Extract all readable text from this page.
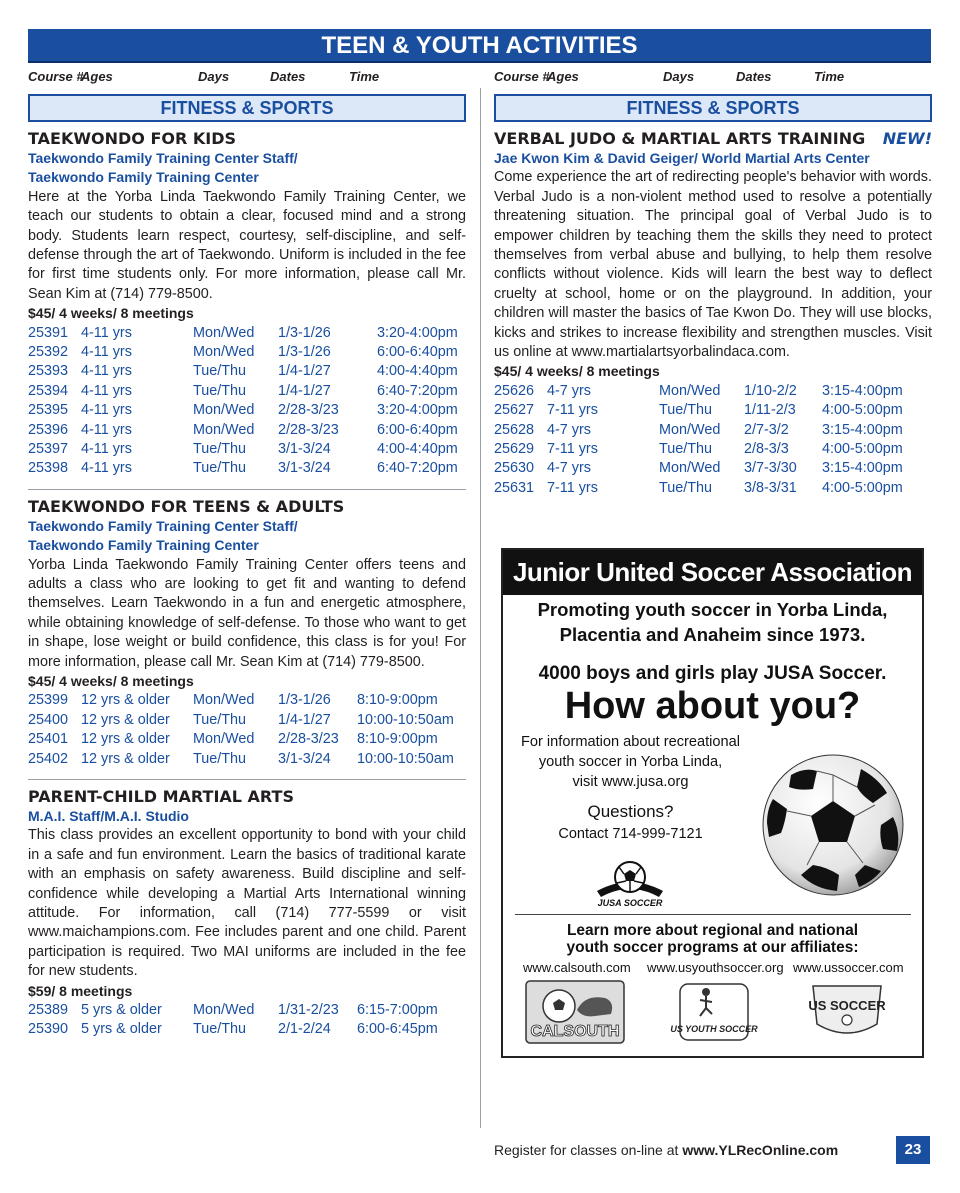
TEEN & YOUTH ACTIVITIES
Course #
Ages	Days	Dates	Time
FITNESS & SPORTS
TAEKWONDO FOR KIDS
Taekwondo Family Training Center Staff/
Taekwondo Family Training Center
Here at the Yorba Linda Taekwondo Family Training Center, we teach our students to obtain a clear, focused mind and a strong body. Students learn respect, courtesy, self-discipline, and self-defense through the art of Taekwondo. Uniform is included in the fee for first time students only. For more information, please call Mr. Sean Kim at (714) 779-8500.
$45/ 4 weeks/ 8 meetings
25391 4-11 yrs	Mon/Wed 1/3-1/26	3:20-4:00pm
25392 4-11 yrs	Mon/Wed 1/3-1/26	6:00-6:40pm
25393 4-11 yrs	Tue/Thu 1/4-1/27	4:00-4:40pm
25394 4-11 yrs	Tue/Thu 1/4-1/27	6:40-7:20pm
25395 4-11 yrs	Mon/Wed 2/28-3/23	3:20-4:00pm
25396 4-11 yrs	Mon/Wed 2/28-3/23	6:00-6:40pm
25397 4-11 yrs	Tue/Thu 3/1-3/24	4:00-4:40pm
25398 4-11 yrs	Tue/Thu 3/1-3/24	6:40-7:20pm
TAEKWONDO FOR TEENS & ADULTS
Taekwondo Family Training Center Staff/
Taekwondo Family Training Center
Yorba Linda Taekwondo Family Training Center offers teens and adults a class who are looking to get fit and wanting to defend themselves. Learn Taekwondo in a fun and energetic atmosphere, while obtaining knowledge of self-defense. To those who want to get in shape, lose weight or build confidence, this class is for you! For more information, please call Mr. Sean Kim at (714) 779-8500.
$45/ 4 weeks/ 8 meetings
25399 12 yrs & older Mon/Wed 1/3-1/26 8:10-9:00pm
25400 12 yrs & older Tue/Thu 1/4-1/27 10:00-10:50am
25401 12 yrs & older Mon/Wed 2/28-3/23 8:10-9:00pm
25402 12 yrs & older Tue/Thu 3/1-3/24 10:00-10:50am
PARENT-CHILD MARTIAL ARTS
M.A.I. Staff/M.A.I. Studio
This class provides an excellent opportunity to bond with your child in a safe and fun environment. Learn the basics of traditional karate with an emphasis on safety awareness. Build discipline and self-confidence while developing a Martial Arts International winning attitude. For information, call (714) 777-5599 or visit www.maichampions.com. Fee includes parent and one child. Parent participation is required. Two MAI uniforms are included in the fee for new students.
$59/ 8 meetings
25389 5 yrs & older Mon/Wed 1/31-2/23 6:15-7:00pm
25390 5 yrs & older Tue/Thu 2/1-2/24 6:00-6:45pm
Course #
Ages	Days	Dates	Time
FITNESS & SPORTS
NEW!
VERBAL JUDO & MARTIAL ARTS TRAINING
Jae Kwon Kim & David Geiger/ World Martial Arts Center
Come experience the art of redirecting people's behavior with words. Verbal Judo is a non-violent method used to resolve a potentially threatening situation. The principal goal of Verbal Judo is to empower children by teaching them the skills they need to protect themselves from verbal abuse and bullying, to help them resolve conflicts without violence. Kids will learn the best way to deflect cruelty at school, home or on the playground. In addition, your children will master the basics of Tae Kwon Do. They will use blocks, kicks and strikes to increase flexibility and strengthen muscles. Visit us online at www.martialartsyorbalindaca.com.
$45/ 4 weeks/ 8 meetings
25626 4-7 yrs	Mon/Wed 1/10-2/2 3:15-4:00pm
25627 7-11 yrs	Tue/Thu 1/11-2/3 4:00-5:00pm
25628 4-7 yrs	Mon/Wed 2/7-3/2 3:15-4:00pm
25629 7-11 yrs	Tue/Thu 2/8-3/3 4:00-5:00pm
25630 4-7 yrs	Mon/Wed 3/7-3/30 3:15-4:00pm
25631 7-11 yrs	Tue/Thu 3/8-3/31 4:00-5:00pm
Junior United Soccer Association
Promoting youth soccer in Yorba Linda,
Placentia and Anaheim since 1973.
4000 boys and girls play JUSA Soccer.
How about you?
For information about recreational
youth soccer in Yorba Linda,
visit www.jusa.org
Questions?
Contact 714-999-7121
JUSA SOCCER
Learn more about regional and national
youth soccer programs at our affiliates:
www.calsouth.com www.usyouthsoccer.org www.ussoccer.com
CALSOUTH	US YOUTH SOCCER
US SOCCER
Register for classes on-line at www.YLRecOnline.com	23
